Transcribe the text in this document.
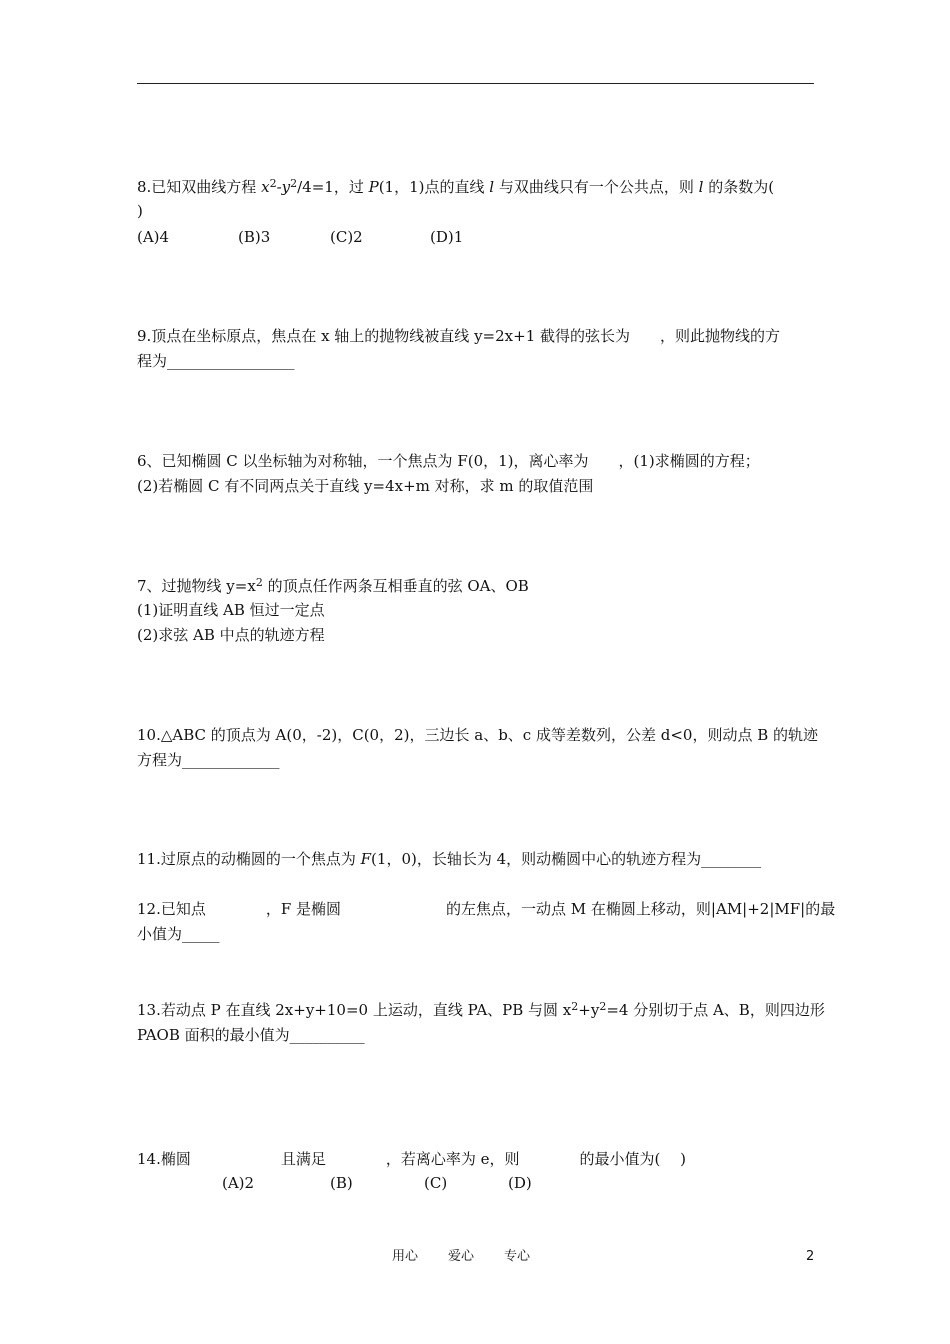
8.已知双曲线方程 $x^2-y^2/4=1$，过 P(1，1)点的直线 l 与双曲线只有一个公共点，则 l 的条数为(
)
(A)4	(B)3	(C)2	(D)1
9.顶点在坐标原点，焦点在 x 轴上的抛物线被直线 y=2x+1 截得的弦长为　　，则此抛物线的方
程为_________________
6、已知椭圆 C 以坐标轴为对称轴，一个焦点为 F(0，1)，离心率为　　，(1)求椭圆的方程；
(2)若椭圆 C 有不同两点关于直线 y=4x+m 对称，求 m 的取值范围
7、过抛物线 $y=x^2$ 的顶点任作两条互相垂直的弦 OA、OB
(1)证明直线 AB 恒过一定点
(2)求弦 AB 中点的轨迹方程
10.△ABC 的顶点为 A(0，-2)，C(0，2)，三边长 a、b、c 成等差数列，公差 d<0，则动点 B 的轨迹
方程为_____________
11.过原点的动椭圆的一个焦点为 F(1，0)，长轴长为 4，则动椭圆中心的轨迹方程为________
12.已知点　　　　，F 是椭圆　　　　　　　的左焦点，一动点 M 在椭圆上移动，则|AM|+2|MF|的最
小值为_____
13.若动点 P 在直线 2x+y+10=0 上运动，直线 PA、PB 与圆 $x^2+y^2=4$ 分别切于点 A、B，则四边形
PAOB 面积的最小值为__________
14.椭圆　　　　　　且满足　　　　，若离心率为 e，则　　　　的最小值为(　 )
(A)2	(B)	(C)	(D)
用心 爱心 专心	2
